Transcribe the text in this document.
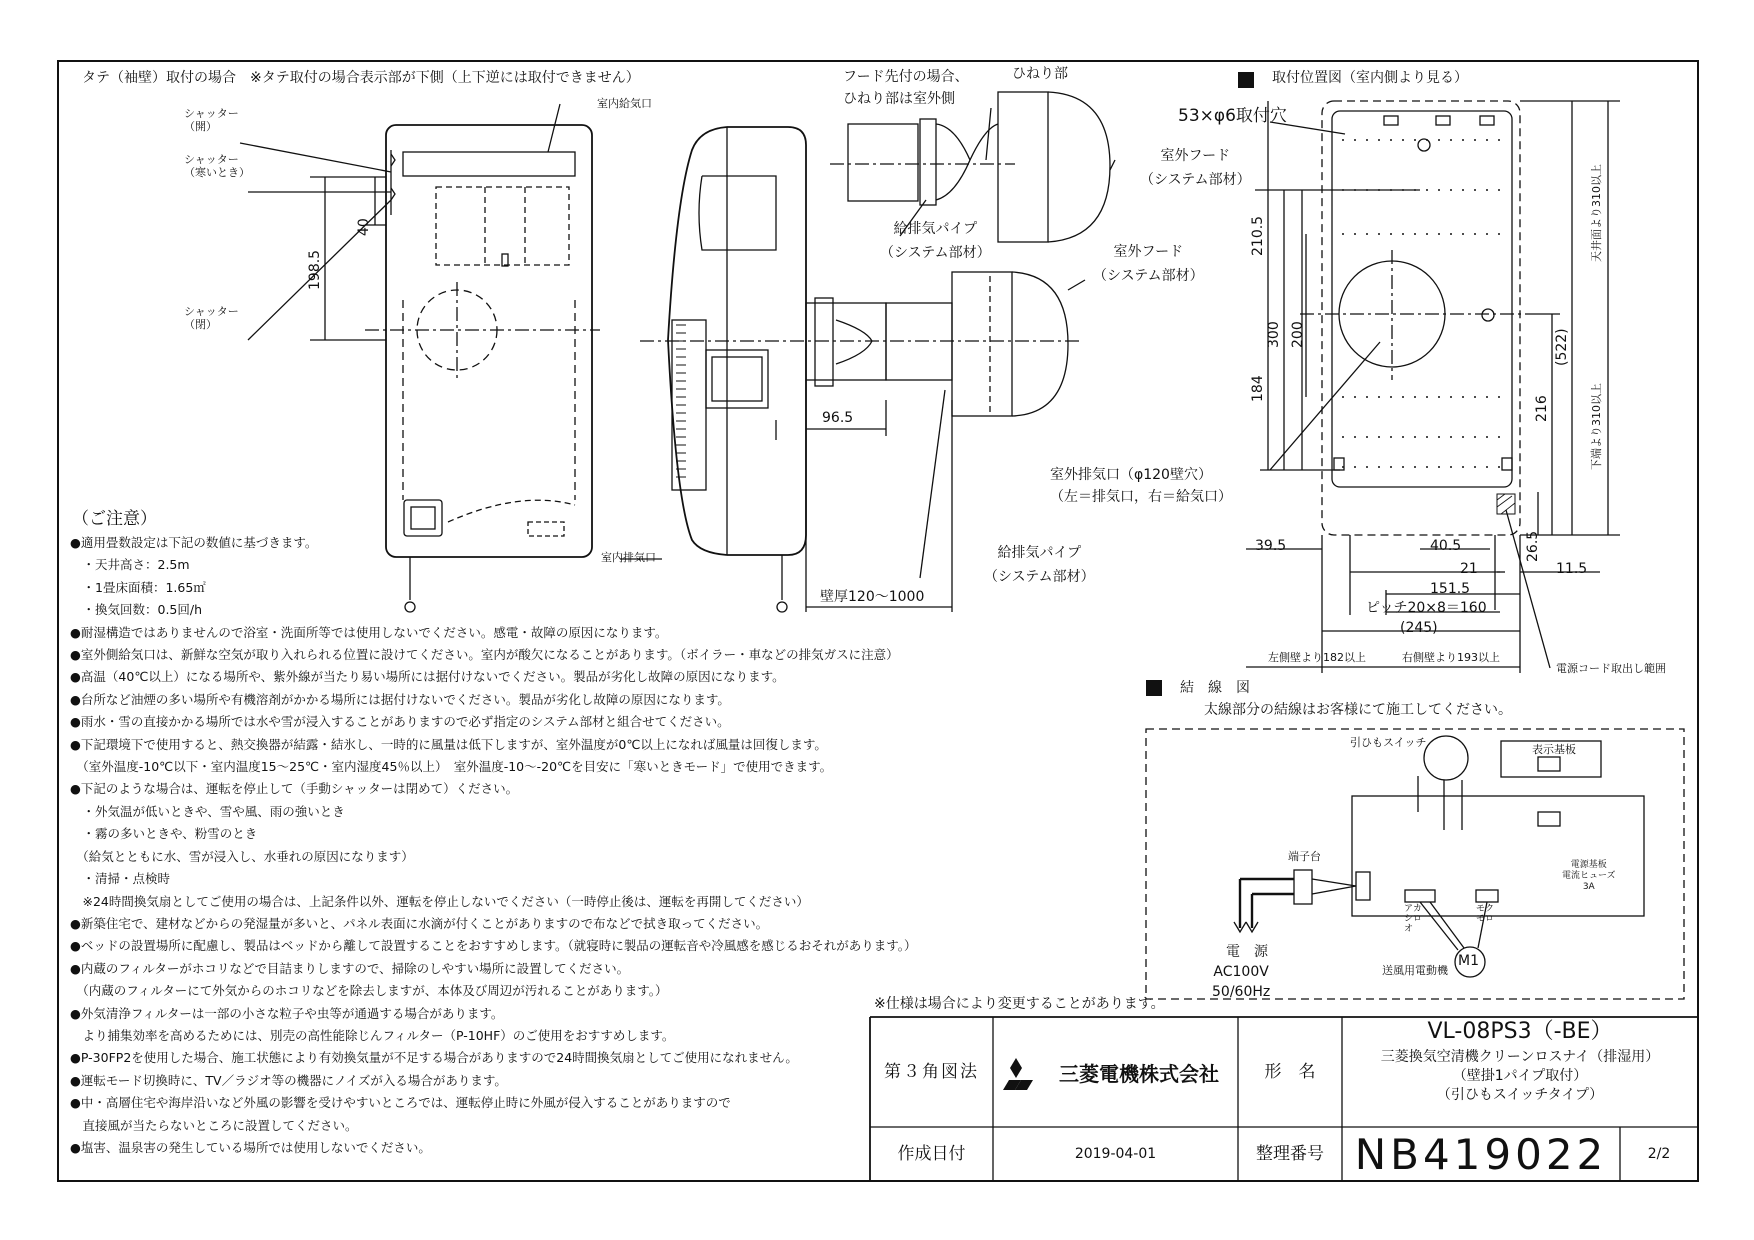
タテ（袖壁）取付の場合　※タテ取付の場合表示部が下側（上下逆には取付できません）
シャッター
（開）
シャッター
（寒いとき）
シャッター
（閉）
室内給気口
室内排気口
198.5
40
フード先付の場合、
ひねり部は室外側
ひねり部
室外フード
（システム部材）
給排気パイプ
（システム部材）	室外フード
（システム部材）
96.5
給排気パイプ
（システム部材）
壁厚120～1000
取付位置図（室内側より見る）
53×φ6取付穴
210.5
300 200
184
(522)
216
天井面より310以上
下端より310以上
室外排気口（φ120壁穴）
（左＝排気口，右＝給気口）
39.5	40.5	26.5
21	11.5
151.5
ピッチ20×8＝160
(245)
左側壁より182以上	右側壁より193以上
電源コード取出し範囲
結　線　図
太線部分の結線はお客様にて施工してください。
引ひもスイッチ
表示基板
端子台
電源基板
電流ヒューズ
3A
電　源
AC100V
50/60Hz
送風用電動機
M1
アカ
シロ
オ
モク
モロ
（ご注意）
●適用畳数設定は下記の数値に基づきます。
　・天井高さ：2.5m
　・1畳床面積：1.65㎡
　・換気回数：0.5回/h
●耐湿構造ではありませんので浴室・洗面所等では使用しないでください。感電・故障の原因になります。
●室外側給気口は、新鮮な空気が取り入れられる位置に設けてください。室内が酸欠になることがあります。（ボイラー・車などの排気ガスに注意）
●高温（40℃以上）になる場所や、紫外線が当たり易い場所には据付けないでください。製品が劣化し故障の原因になります。
●台所など油煙の多い場所や有機溶剤がかかる場所には据付けないでください。製品が劣化し故障の原因になります。
●雨水・雪の直接かかる場所では水や雪が浸入することがありますので必ず指定のシステム部材と組合せてください。
●下記環境下で使用すると、熱交換器が結露・結氷し、一時的に風量は低下しますが、室外温度が0℃以上になれば風量は回復します。
　（室外温度-10℃以下・室内温度15～25℃・室内湿度45％以上）　室外温度-10～-20℃を目安に「寒いときモード」で使用できます。
●下記のような場合は、運転を停止して（手動シャッターは閉めて）ください。
　・外気温が低いときや、雪や風、雨の強いとき
　・霧の多いときや、粉雪のとき
　（給気とともに水、雪が浸入し、水垂れの原因になります）
　・清掃・点検時
　※24時間換気扇としてご使用の場合は、上記条件以外、運転を停止しないでください（一時停止後は、運転を再開してください）
●新築住宅で、建材などからの発湿量が多いと、パネル表面に水滴が付くことがありますので布などで拭き取ってください。
●ベッドの設置場所に配慮し、製品はベッドから離して設置することをおすすめします。（就寝時に製品の運転音や冷風感を感じるおそれがあります。）
●内蔵のフィルターがホコリなどで目詰まりしますので、掃除のしやすい場所に設置してください。
　（内蔵のフィルターにて外気からのホコリなどを除去しますが、本体及び周辺が汚れることがあります。）
●外気清浄フィルターは一部の小さな粒子や虫等が通過する場合があります。
　より捕集効率を高めるためには、別売の高性能除じんフィルター（P-10HF）のご使用をおすすめします。
●P-30FP2を使用した場合、施工状態により有効換気量が不足する場合がありますので24時間換気扇としてご使用になれません。
●運転モード切換時に、TV／ラジオ等の機器にノイズが入る場合があります。
●中・高層住宅や海岸沿いなど外風の影響を受けやすいところでは、運転停止時に外風が侵入することがありますので
　直接風が当たらないところに設置してください。
●塩害、温泉害の発生している場所では使用しないでください。
※仕様は場合により変更することがあります。
第３角図法	三菱電機株式会社	形　名
VL-08PS3（-BE）
三菱換気空清機クリーンロスナイ（排湿用）
（壁掛1パイプ取付）
（引ひもスイッチタイプ）
作成日付	2019-04-01	整理番号 NB419022	2/2
